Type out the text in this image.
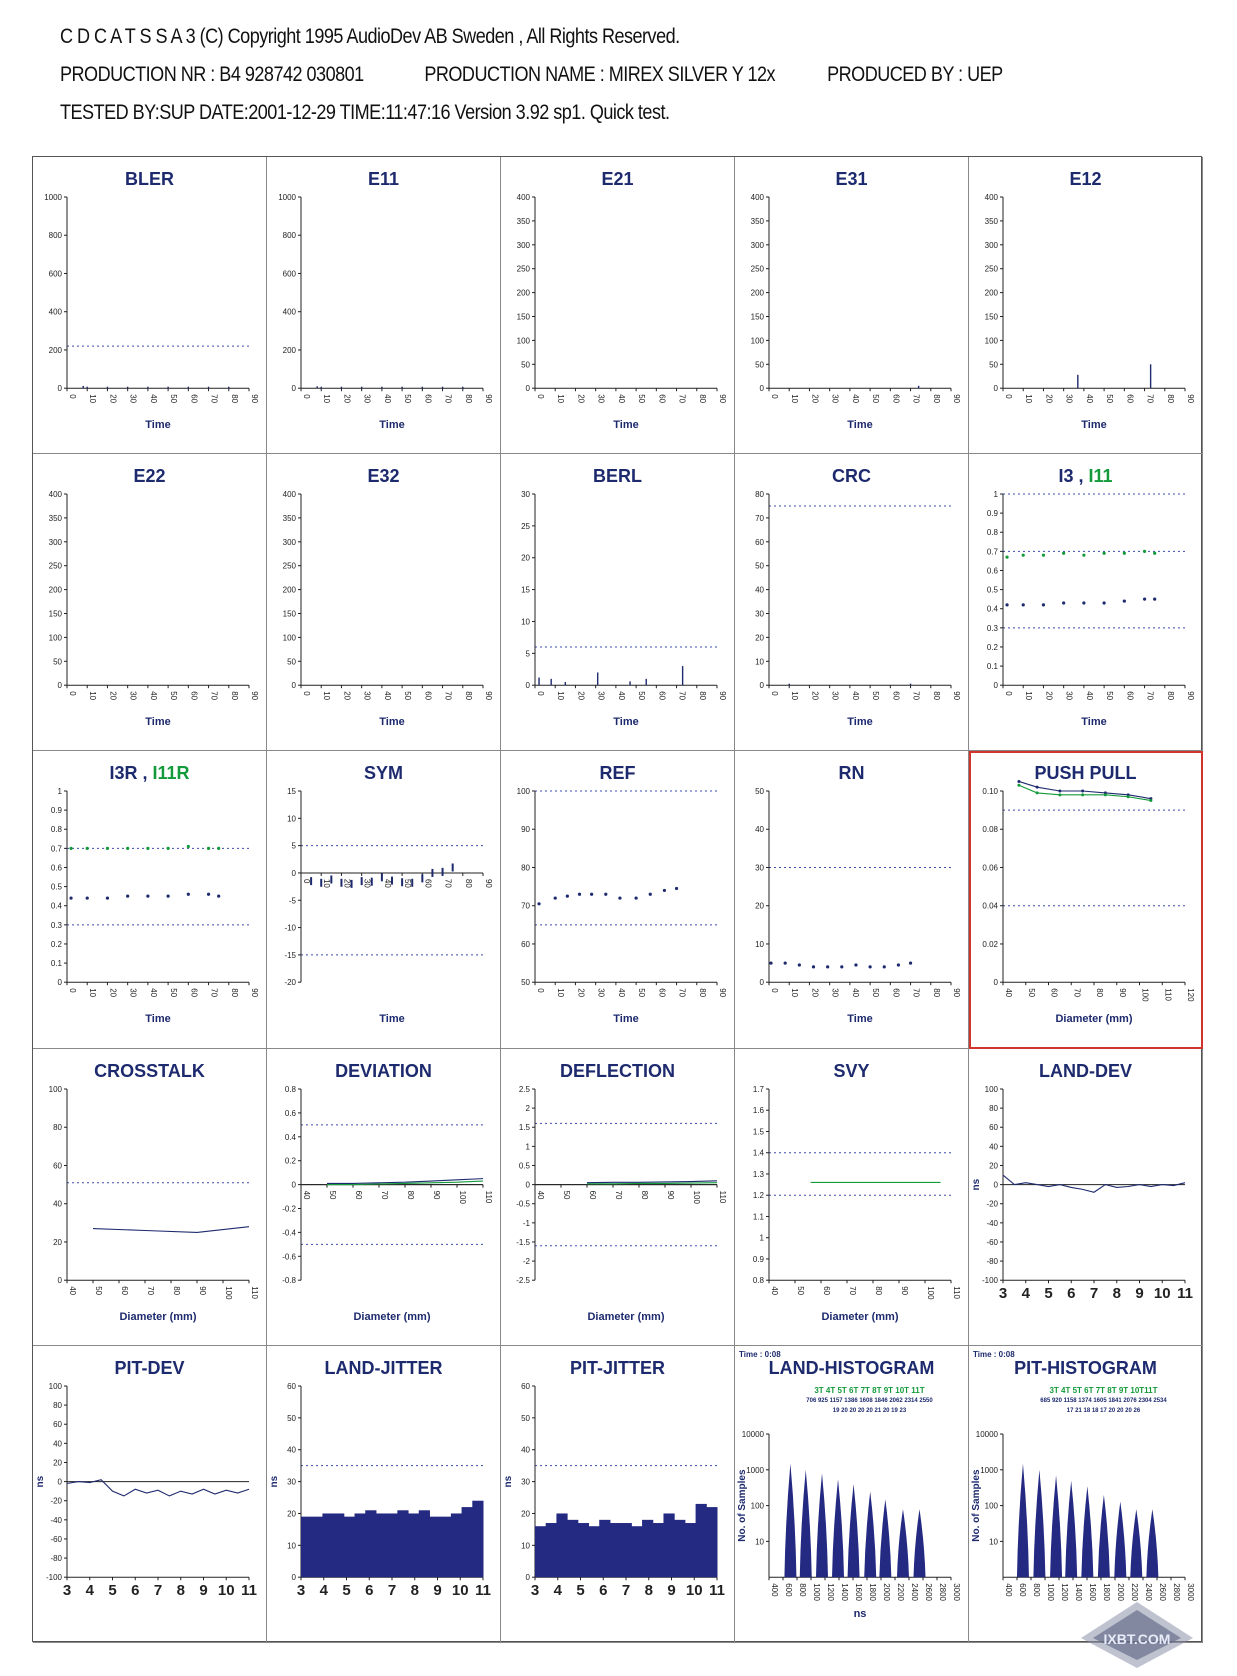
C D C A T S S A 3 (C) Copyright 1995 AudioDev AB Sweden , All Rights Reserved.
PRODUCTION NR : B4 928742 030801	PRODUCTION NAME : MIREX SILVER Y 12x PRODUCED BY : UEP
TESTED BY:SUP DATE:2001-12-29 TIME:11:47:16 Version 3.92 sp1. Quick test.
BLER
0
200
400
600
800
1000
0 10 20 30 40 50 60 70 80 90
Time
E11
0
200
400
600
800
1000
0 10 20 30 40 50 60 70 80 90
Time
E21
0
50
100
150
200
250
300
350
400
0 10 20 30 40 50 60 70 80 90
Time
E31
0
50
100
150
200
250
300
350
400
0 10 20 30 40 50 60 70 80 90
Time
E12
0
50
100
150
200
250
300
350
400
0 10 20 30 40 50 60 70 80 90
Time
E22
0
50
100
150
200
250
300
350
400
0 10 20 30 40 50 60 70 80 90
Time
E32
0
50
100
150
200
250
300
350
400
0 10 20 30 40 50 60 70 80 90
Time
BERL
0
5
10
15
20
25
30
0 10 20 30 40 50 60 70 80 90
Time
CRC
0
10
20
30
40
50
60
70
80
0 10 20 30 40 50 60 70 80 90
Time
I3 , I11
0
0.1
0.2
0.3
0.4
0.5
0.6
0.7
0.8
0.9
1
0 10 20 30 40 50 60 70 80 90
Time
I3R , I11R
0
0.1
0.2
0.3
0.4
0.5
0.6
0.7
0.8
0.9
1
0 10 20 30 40 50 60 70 80 90
Time
SYM
-20
-15
-10
-5
0
5
10
15
0 10 20 30 40 50 60 70 80 90
Time
REF
50
60
70
80
90
100
0 10 20 30 40 50 60 70 80 90
Time
RN
0
10
20
30
40
50
0 10 20 30 40 50 60 70 80 90
Time
PUSH PULL
0
0.02
0.04
0.06
0.08
0.10
40 50 60 70 80 90 100 110 120
Diameter (mm)
CROSSTALK
0
20
40
60
80
100
40 50 60 70 80 90 100 110
Diameter (mm)
DEVIATION
-0.8
-0.6
-0.4
-0.2
0
0.2
0.4
0.6
0.8
40 50 60 70 80 90 100 110
Diameter (mm)
DEFLECTION
-2.5
-2
-1.5
-1
-0.5
0
0.5
1
1.5
2
2.5
40 50 60 70 80 90 100 110
Diameter (mm)
SVY
0.8
0.9
1
1.1
1.2
1.3
1.4
1.5
1.6
1.7
40 50 60 70 80 90 100 110
Diameter (mm)
LAND-DEV
-100
-80
-60
-40
-20
0
20
40
60
80
100
3 4 5 6 7 8 9 10 11
ns
PIT-DEV
-100
-80
-60
-40
-20
0
20
40
60
80
100
3 4 5 6 7 8 9 10 11
ns
LAND-JITTER
0
10
20
30
40
50
60
3 4 5 6 7 8 9 10 11
ns
PIT-JITTER
0
10
20
30
40
50
60
3 4 5 6 7 8 9 10 11
ns
LAND-HISTOGRAM
Time : 0:08
3T 4T 5T 6T 7T 8T 9T 10T 11T
706 925 1157 1386 1608 1846 2062 2314 2550
19 20 20 20 20 21 20 19 23
10
100
1000
10000
400 600 800 1000 1200 1400 1600 1800 2000 2200 2400 2600 2800 3000
ns
No. of Samples
PIT-HISTOGRAM
Time : 0:08
3T 4T 5T 6T 7T 8T 9T 10T11T
685 920 1158 1374 1605 1841 2076 2304 2534
17 21 18 18 17 20 20 20 26
10
100
1000
10000
400 600 800 1000 1200 1400 1600 1800 2000 2200 2400 2600 2800 3000
No. of Samples
IXBT.COM
